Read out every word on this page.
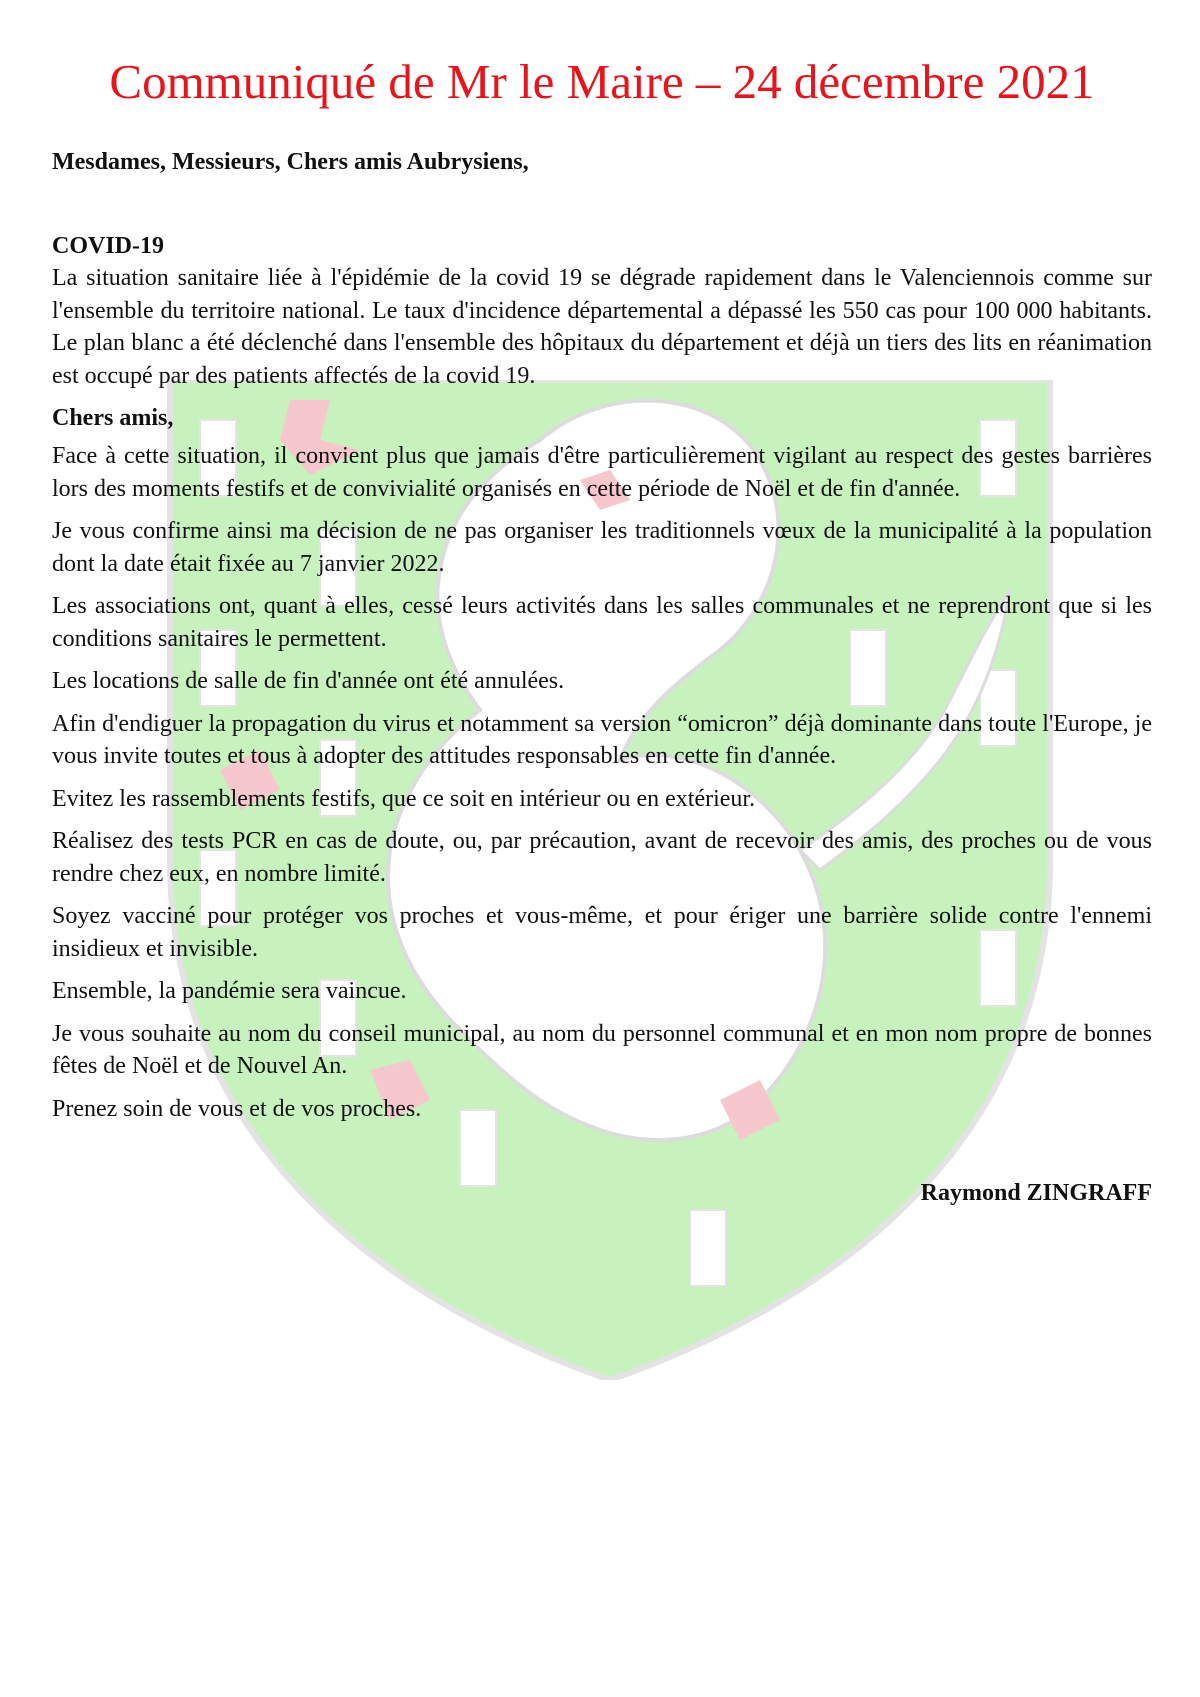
Communiqué de Mr le Maire – 24 décembre 2021

Mesdames, Messieurs, Chers amis Aubrysiens,

COVID-19

La situation sanitaire liée à l'épidémie de la covid 19 se dégrade rapidement dans le Valenciennois comme sur l'ensemble du territoire national. Le taux d'incidence départemental a dépassé les 550 cas pour 100 000 habitants. Le plan blanc a été déclenché dans l'ensemble des hôpitaux du département et déjà un tiers des lits en réanimation est occupé par des patients affectés de la covid 19.

Chers amis,

Face à cette situation, il convient plus que jamais d'être particulièrement vigilant au respect des gestes barrières lors des moments festifs et de convivialité organisés en cette période de Noël et de fin d'année.

Je vous confirme ainsi ma décision de ne pas organiser les traditionnels vœux de la municipalité à la population dont la date était fixée au 7 janvier 2022.

Les associations ont, quant à elles, cessé leurs activités dans les salles communales et ne reprendront que si les conditions sanitaires le permettent.

Les locations de salle de fin d'année ont été annulées.

Afin d'endiguer la propagation du virus et notamment sa version “omicron” déjà dominante dans toute l'Europe, je vous invite toutes et tous à adopter des attitudes responsables en cette fin d'année.

Evitez les rassemblements festifs, que ce soit en intérieur ou en extérieur.

Réalisez des tests PCR en cas de doute, ou, par précaution, avant de recevoir des amis, des proches ou de vous rendre chez eux, en nombre limité.

Soyez vacciné pour protéger vos proches et vous-même, et pour ériger une barrière solide contre l'ennemi insidieux et invisible.

Ensemble, la pandémie sera vaincue.

Je vous souhaite au nom du conseil municipal, au nom du personnel communal et en mon nom propre de bonnes fêtes de Noël et de Nouvel An.

Prenez soin de vous et de vos proches.

Raymond ZINGRAFF
